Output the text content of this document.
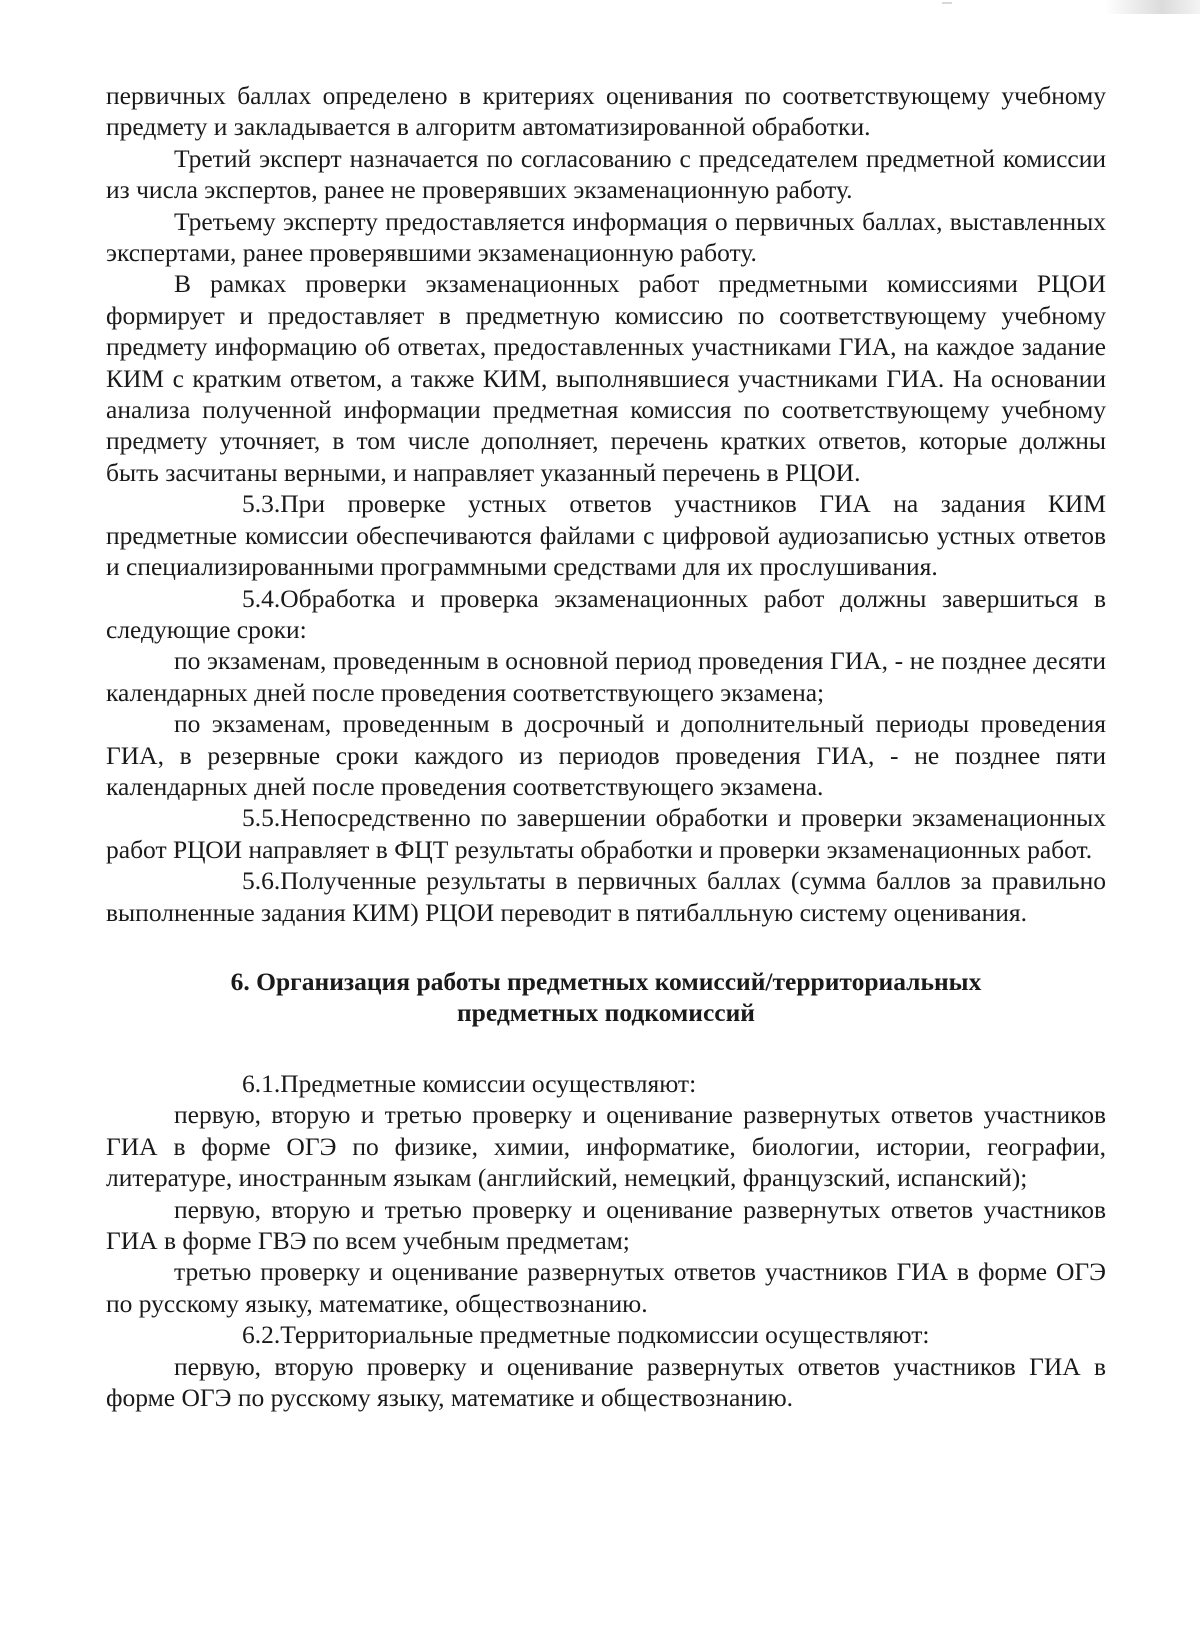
первичных баллах определено в критериях оценивания по соответствующему учебному предмету и закладывается в алгоритм автоматизированной обработки.

Третий эксперт назначается по согласованию с председателем предметной комиссии из числа экспертов, ранее не проверявших экзаменационную работу.

Третьему эксперту предоставляется информация о первичных баллах, выставленных экспертами, ранее проверявшими экзаменационную работу.

В рамках проверки экзаменационных работ предметными комиссиями РЦОИ формирует и предоставляет в предметную комиссию по соответствующему учебному предмету информацию об ответах, предоставленных участниками ГИА, на каждое задание КИМ с кратким ответом, а также КИМ, выполнявшиеся участниками ГИА. На основании анализа полученной информации предметная комиссия по соответствующему учебному предмету уточняет, в том числе дополняет, перечень кратких ответов, которые должны быть засчитаны верными, и направляет указанный перечень в РЦОИ.

5.3.При проверке устных ответов участников ГИА на задания КИМ предметные комиссии обеспечиваются файлами с цифровой аудиозаписью устных ответов и специализированными программными средствами для их прослушивания.

5.4.Обработка и проверка экзаменационных работ должны завершиться в следующие сроки:

по экзаменам, проведенным в основной период проведения ГИА, - не позднее десяти календарных дней после проведения соответствующего экзамена;

по экзаменам, проведенным в досрочный и дополнительный периоды проведения ГИА, в резервные сроки каждого из периодов проведения ГИА, - не позднее пяти календарных дней после проведения соответствующего экзамена.

5.5.Непосредственно по завершении обработки и проверки экзаменационных работ РЦОИ направляет в ФЦТ результаты обработки и проверки экзаменационных работ.

5.6.Полученные результаты в первичных баллах (сумма баллов за правильно выполненные задания КИМ) РЦОИ переводит в пятибалльную систему оценивания.

6. Организация работы предметных комиссий/территориальных
предметных подкомиссий

6.1.Предметные комиссии осуществляют:

первую, вторую и третью проверку и оценивание развернутых ответов участников ГИА в форме ОГЭ по физике, химии, информатике, биологии, истории, географии, литературе, иностранным языкам (английский, немецкий, французский, испанский);

первую, вторую и третью проверку и оценивание развернутых ответов участников ГИА в форме ГВЭ по всем учебным предметам;

третью проверку и оценивание развернутых ответов участников ГИА в форме ОГЭ по русскому языку, математике, обществознанию.

6.2.Территориальные предметные подкомиссии осуществляют:

первую, вторую проверку и оценивание развернутых ответов участников ГИА в форме ОГЭ по русскому языку, математике и обществознанию.
